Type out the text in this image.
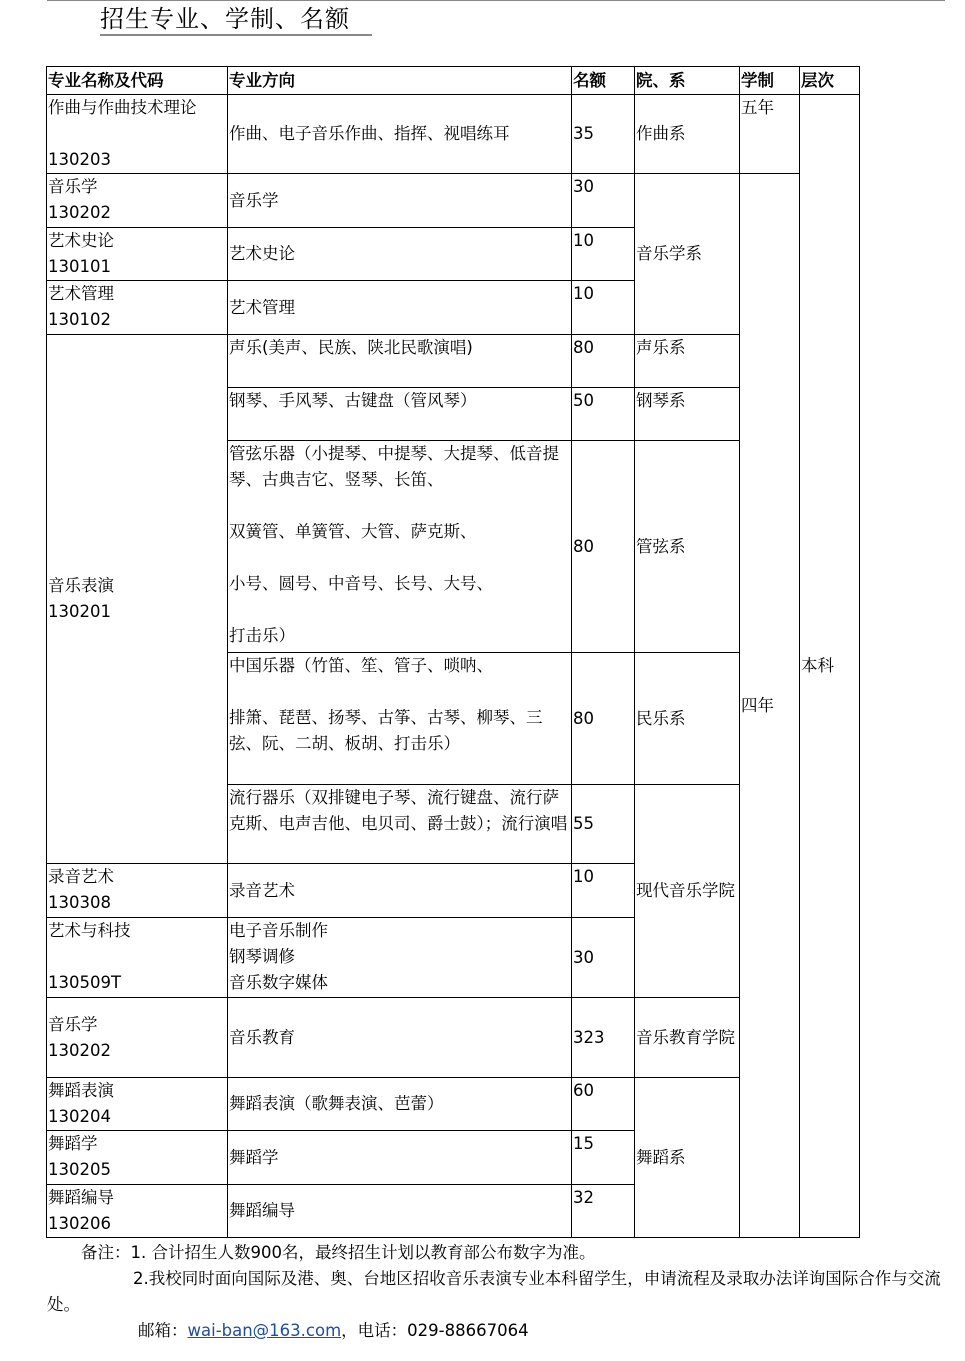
招生专业、学制、名额
专业名称及代码	专业方向	名额	院、系	学制	层次
作曲与作曲技术理论

130203	作曲、电子音乐作曲、指挥、视唱练耳	35	作曲系	五年	本科
音乐学
130202	音乐学	30	音乐学系	四年	
艺术史论
130101	艺术史论	10			
艺术管理
130102	艺术管理	10			
音乐表演
130201	声乐(美声、民族、陕北民歌演唱)	80	声乐系		
	钢琴、手风琴、古键盘（管风琴）	50	钢琴系		
	管弦乐器（小提琴、中提琴、大提琴、低音提琴、古典吉它、竖琴、长笛、

双簧管、单簧管、大管、萨克斯、

小号、圆号、中音号、长号、大号、

打击乐）	80	管弦系		
	中国乐器（竹笛、笙、管子、唢呐、

排箫、琵琶、扬琴、古筝、古琴、柳琴、三弦、阮、二胡、板胡、打击乐）	80	民乐系		
	流行器乐（双排键电子琴、流行键盘、流行萨克斯、电声吉他、电贝司、爵士鼓）；流行演唱	55	现代音乐学院		
录音艺术
130308	录音艺术	10			
艺术与科技

130509T	电子音乐制作
钢琴调修
音乐数字媒体	30			
音乐学
130202	音乐教育	323	音乐教育学院		
舞蹈表演
130204	舞蹈表演（歌舞表演、芭蕾）	60	舞蹈系		
舞蹈学
130205	舞蹈学	15			
舞蹈编导
130206	舞蹈编导	32			

备注：1. 合计招生人数900名，最终招生计划以教育部公布数字为准。

2.我校同时面向国际及港、奥、台地区招收音乐表演专业本科留学生，申请流程及录取办法详询国际合作与交流处。

邮箱：wai-ban@163.com，电话：029-88667064
